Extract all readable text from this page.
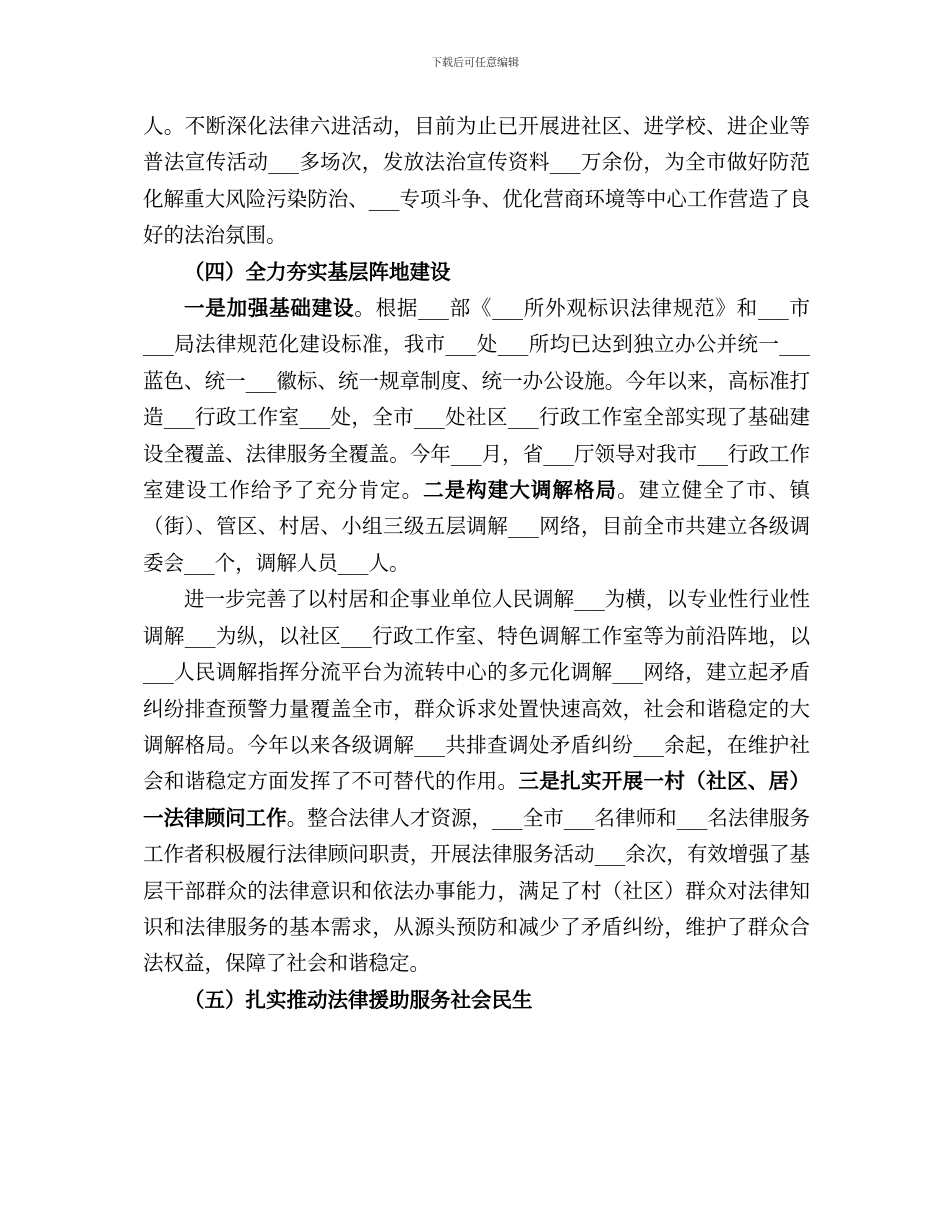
下载后可任意编辑

人。不断深化法律六进活动，目前为止已开展进社区、进学校、进企业等普法宣传活动___多场次，发放法治宣传资料___万余份，为全市做好防范化解重大风险污染防治、___专项斗争、优化营商环境等中心工作营造了良好的法治氛围。

（四）全力夯实基层阵地建设

一是加强基础建设。根据___部《___所外观标识法律规范》和___市___局法律规范化建设标准，我市___处___所均已达到独立办公并统一___蓝色、统一___徽标、统一规章制度、统一办公设施。今年以来，高标准打造___行政工作室___处，全市___处社区___行政工作室全部实现了基础建设全覆盖、法律服务全覆盖。今年___月，省___厅领导对我市___行政工作室建设工作给予了充分肯定。二是构建大调解格局。建立健全了市、镇（街）、管区、村居、小组三级五层调解___网络，目前全市共建立各级调委会___个，调解人员___人。

进一步完善了以村居和企事业单位人民调解___为横，以专业性行业性调解___为纵，以社区___行政工作室、特色调解工作室等为前沿阵地，以___人民调解指挥分流平台为流转中心的多元化调解___网络，建立起矛盾纠纷排查预警力量覆盖全市，群众诉求处置快速高效，社会和谐稳定的大调解格局。今年以来各级调解___共排查调处矛盾纠纷___余起，在维护社会和谐稳定方面发挥了不可替代的作用。三是扎实开展一村（社区、居）一法律顾问工作。整合法律人才资源，___全市___名律师和___名法律服务工作者积极履行法律顾问职责，开展法律服务活动___余次，有效增强了基层干部群众的法律意识和依法办事能力，满足了村（社区）群众对法律知识和法律服务的基本需求，从源头预防和减少了矛盾纠纷，维护了群众合法权益，保障了社会和谐稳定。

（五）扎实推动法律援助服务社会民生
